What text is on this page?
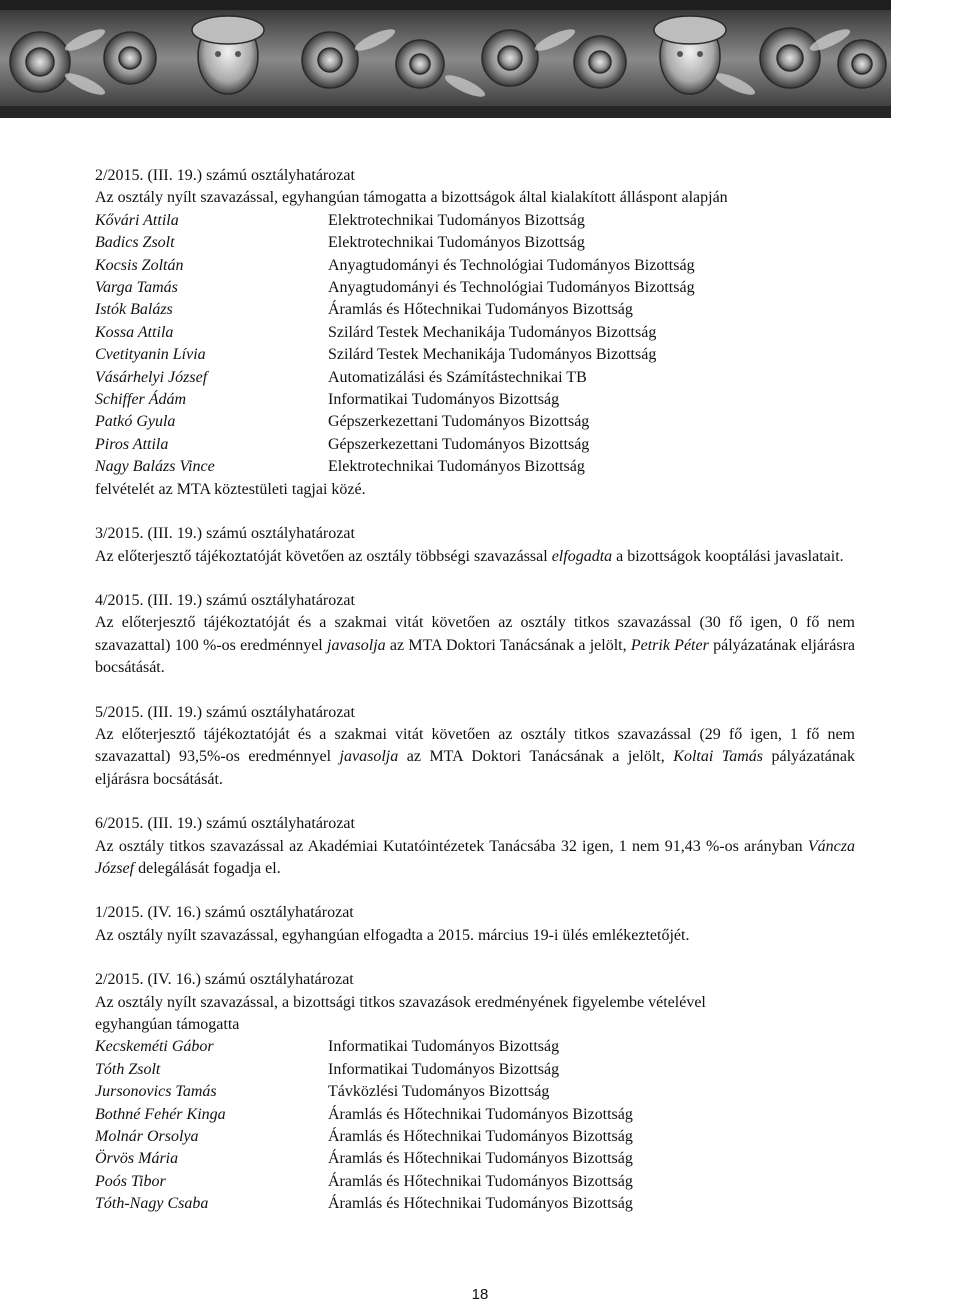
2/2015. (III. 19.) számú osztályhatározat
Az osztály nyílt szavazással, egyhangúan támogatta a bizottságok által kialakított álláspont alapján
Kővári Attila	Elektrotechnikai Tudományos Bizottság
Badics Zsolt	Elektrotechnikai Tudományos Bizottság
Kocsis Zoltán	Anyagtudományi és Technológiai Tudományos Bizottság
Varga Tamás	Anyagtudományi és Technológiai Tudományos Bizottság
Istók Balázs	Áramlás és Hőtechnikai Tudományos Bizottság
Kossa Attila	Szilárd Testek Mechanikája Tudományos Bizottság
Cvetityanin Lívia	Szilárd Testek Mechanikája Tudományos Bizottság
Vásárhelyi József	Automatizálási és Számítástechnikai TB
Schiffer Ádám	Informatikai Tudományos Bizottság
Patkó Gyula	Gépszerkezettani Tudományos Bizottság
Piros Attila	Gépszerkezettani Tudományos Bizottság
Nagy Balázs Vince	Elektrotechnikai Tudományos Bizottság
felvételét az MTA köztestületi tagjai közé.
3/2015. (III. 19.) számú osztályhatározat
Az előterjesztő tájékoztatóját követően az osztály többségi szavazással elfogadta a bizottságok kooptálási javaslatait.
4/2015. (III. 19.) számú osztályhatározat
Az előterjesztő tájékoztatóját és a szakmai vitát követően az osztály titkos szavazással (30 fő igen, 0 fő nem szavazattal) 100 %-os eredménnyel javasolja az MTA Doktori Tanácsának a jelölt, Petrik Péter pályázatának eljárásra bocsátását.
5/2015. (III. 19.) számú osztályhatározat
Az előterjesztő tájékoztatóját és a szakmai vitát követően az osztály titkos szavazással (29 fő igen, 1 fő nem szavazattal) 93,5%-os eredménnyel javasolja az MTA Doktori Tanácsának a jelölt, Koltai Tamás pályázatának eljárásra bocsátását.
6/2015. (III. 19.) számú osztályhatározat
Az osztály titkos szavazással az Akadémiai Kutatóintézetek Tanácsába 32 igen, 1 nem 91,43 %-os arányban Váncza József delegálását fogadja el.
1/2015. (IV. 16.) számú osztályhatározat
Az osztály nyílt szavazással, egyhangúan elfogadta a 2015. március 19-i ülés emlékeztetőjét.
2/2015. (IV. 16.) számú osztályhatározat
Az osztály nyílt szavazással, a bizottsági titkos szavazások eredményének figyelembe vételével
egyhangúan támogatta
Kecskeméti Gábor	Informatikai Tudományos Bizottság
Tóth Zsolt	Informatikai Tudományos Bizottság
Jursonovics Tamás	Távközlési Tudományos Bizottság
Bothné Fehér Kinga	Áramlás és Hőtechnikai Tudományos Bizottság
Molnár Orsolya	Áramlás és Hőtechnikai Tudományos Bizottság
Örvös Mária	Áramlás és Hőtechnikai Tudományos Bizottság
Poós Tibor	Áramlás és Hőtechnikai Tudományos Bizottság
Tóth-Nagy Csaba	Áramlás és Hőtechnikai Tudományos Bizottság
18
